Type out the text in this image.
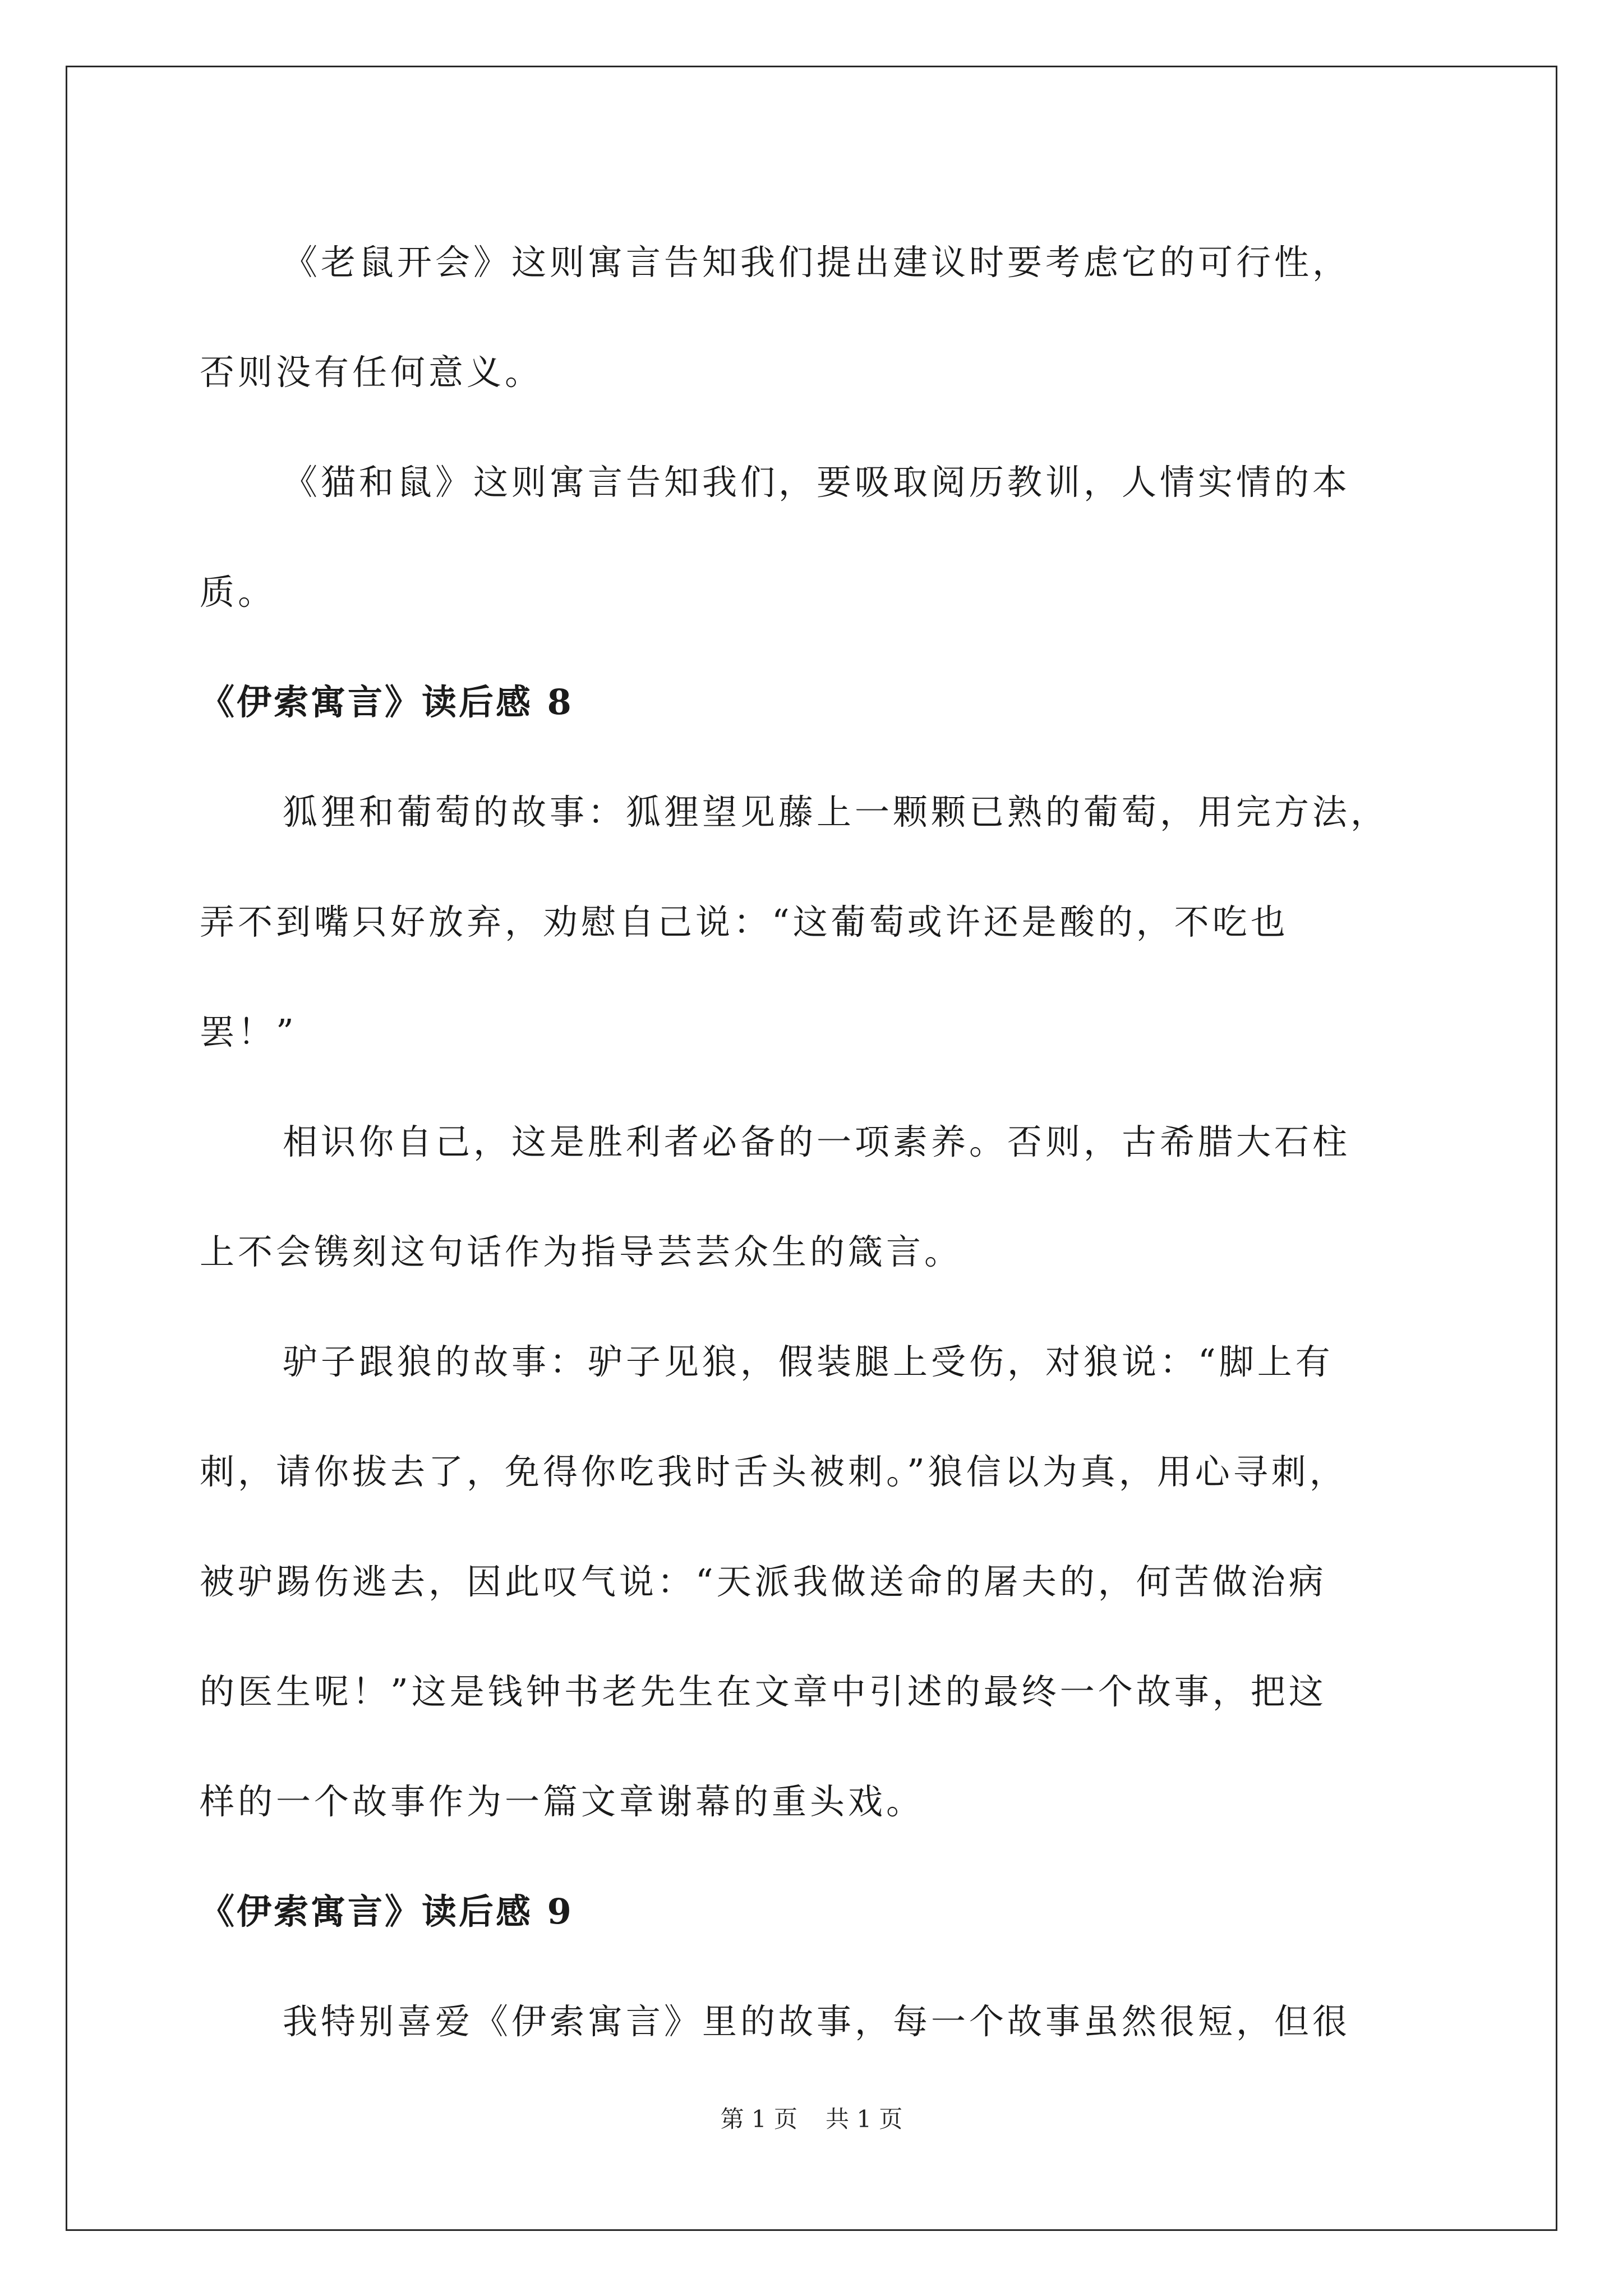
《老鼠开会》这则寓言告知我们提出建议时要考虑它的可行性，
否则没有任何意义。

《猫和鼠》这则寓言告知我们，要吸取阅历教训，人情实情的本
质。

《伊索寓言》读后感 8

狐狸和葡萄的故事：狐狸望见藤上一颗颗已熟的葡萄，用完方法，
弄不到嘴只好放弃，劝慰自己说：“这葡萄或许还是酸的，不吃也
罢！”

相识你自己，这是胜利者必备的一项素养。否则，古希腊大石柱
上不会镌刻这句话作为指导芸芸众生的箴言。

驴子跟狼的故事：驴子见狼，假装腿上受伤，对狼说：“脚上有
刺，请你拔去了，免得你吃我时舌头被刺。”狼信以为真，用心寻刺，
被驴踢伤逃去，因此叹气说：“天派我做送命的屠夫的，何苦做治病
的医生呢！”这是钱钟书老先生在文章中引述的最终一个故事，把这
样的一个故事作为一篇文章谢幕的重头戏。

《伊索寓言》读后感 9

我特别喜爱《伊索寓言》里的故事，每一个故事虽然很短，但很

第 1 页 共 1 页
